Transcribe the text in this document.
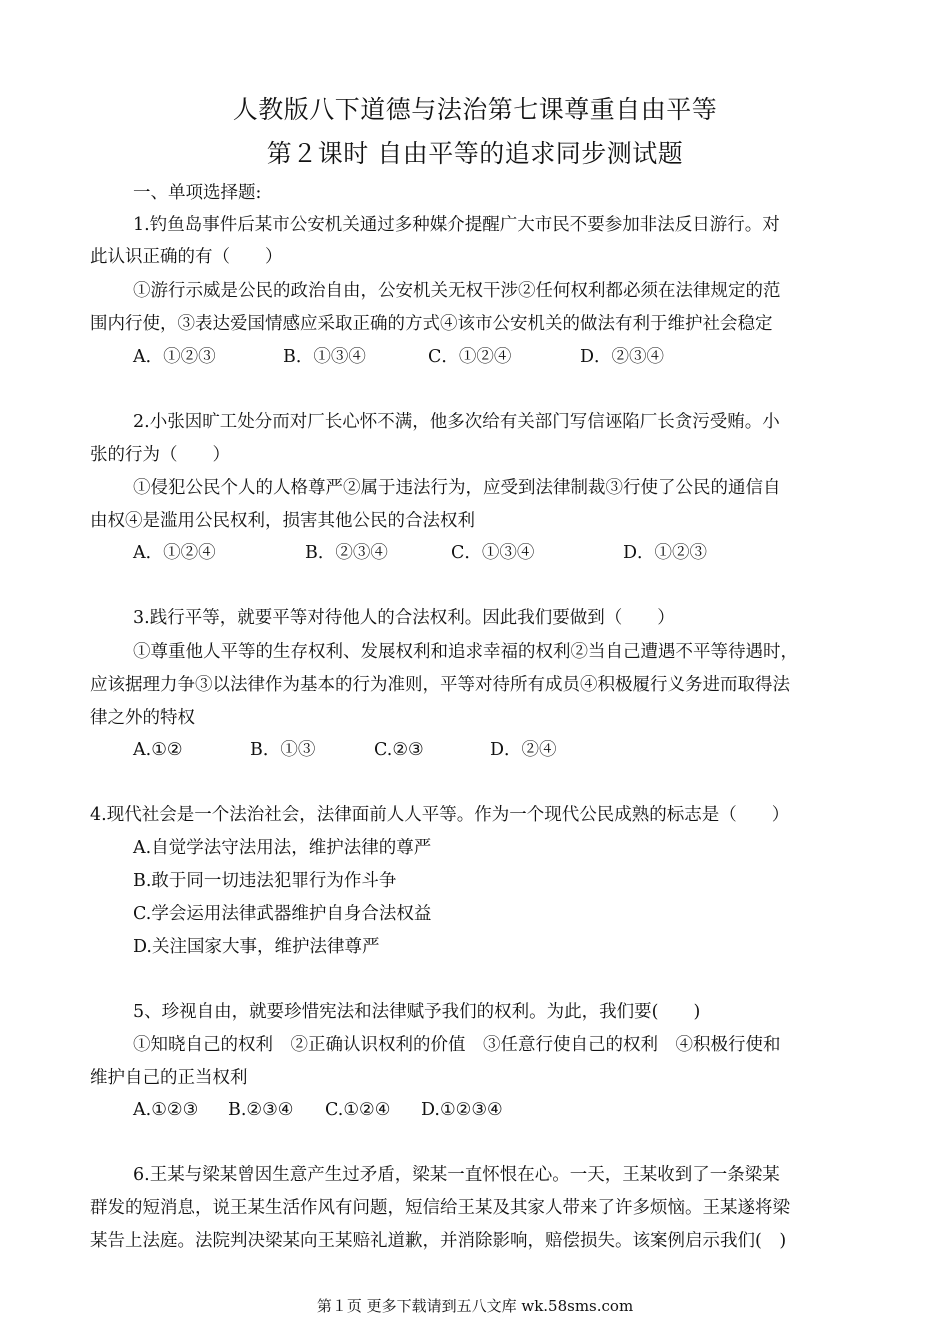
人教版八下道德与法治第七课尊重自由平等
第２课时 自由平等的追求同步测试题
一、单项选择题:
1.钓鱼岛事件后某市公安机关通过多种媒介提醒广大市民不要参加非法反日游行。对
此认识正确的有（　　）
①游行示威是公民的政治自由，公安机关无权干涉②任何权利都必须在法律规定的范
围内行使，③表达爱国情感应采取正确的方式④该市公安机关的做法有利于维护社会稳定
A．①②③	B．①③④	C．①②④	D．②③④
2.小张因旷工处分而对厂长心怀不满，他多次给有关部门写信诬陷厂长贪污受贿。小
张的行为（　　）
①侵犯公民个人的人格尊严②属于违法行为，应受到法律制裁③行使了公民的通信自
由权④是滥用公民权利，损害其他公民的合法权利
A．①②④	B．②③④	C．①③④	D．①②③
3.践行平等，就要平等对待他人的合法权利。因此我们要做到（　　）
①尊重他人平等的生存权利、发展权利和追求幸福的权利②当自己遭遇不平等待遇时，
应该据理力争③以法律作为基本的行为准则，平等对待所有成员④积极履行义务进而取得法
律之外的特权
A.①②	B．①③	C.②③	D．②④
4.现代社会是一个法治社会，法律面前人人平等。作为一个现代公民成熟的标志是（　　）
A.自觉学法守法用法，维护法律的尊严
B.敢于同一切违法犯罪行为作斗争
C.学会运用法律武器维护自身合法权益
D.关注国家大事，维护法律尊严
5、珍视自由，就要珍惜宪法和法律赋予我们的权利。为此，我们要(　　)
①知晓自己的权利　②正确认识权利的价值　③任意行使自己的权利　④积极行使和
维护自己的正当权利
A.①②③ B.②③④ C.①②④ D.①②③④
6.王某与梁某曾因生意产生过矛盾，梁某一直怀恨在心。一天，王某收到了一条梁某
群发的短消息，说王某生活作风有问题，短信给王某及其家人带来了许多烦恼。王某遂将梁
某告上法庭。法院判决梁某向王某赔礼道歉，并消除影响，赔偿损失。该案例启示我们(　)
第１页 更多下载请到五八文库 wk.58sms.com
